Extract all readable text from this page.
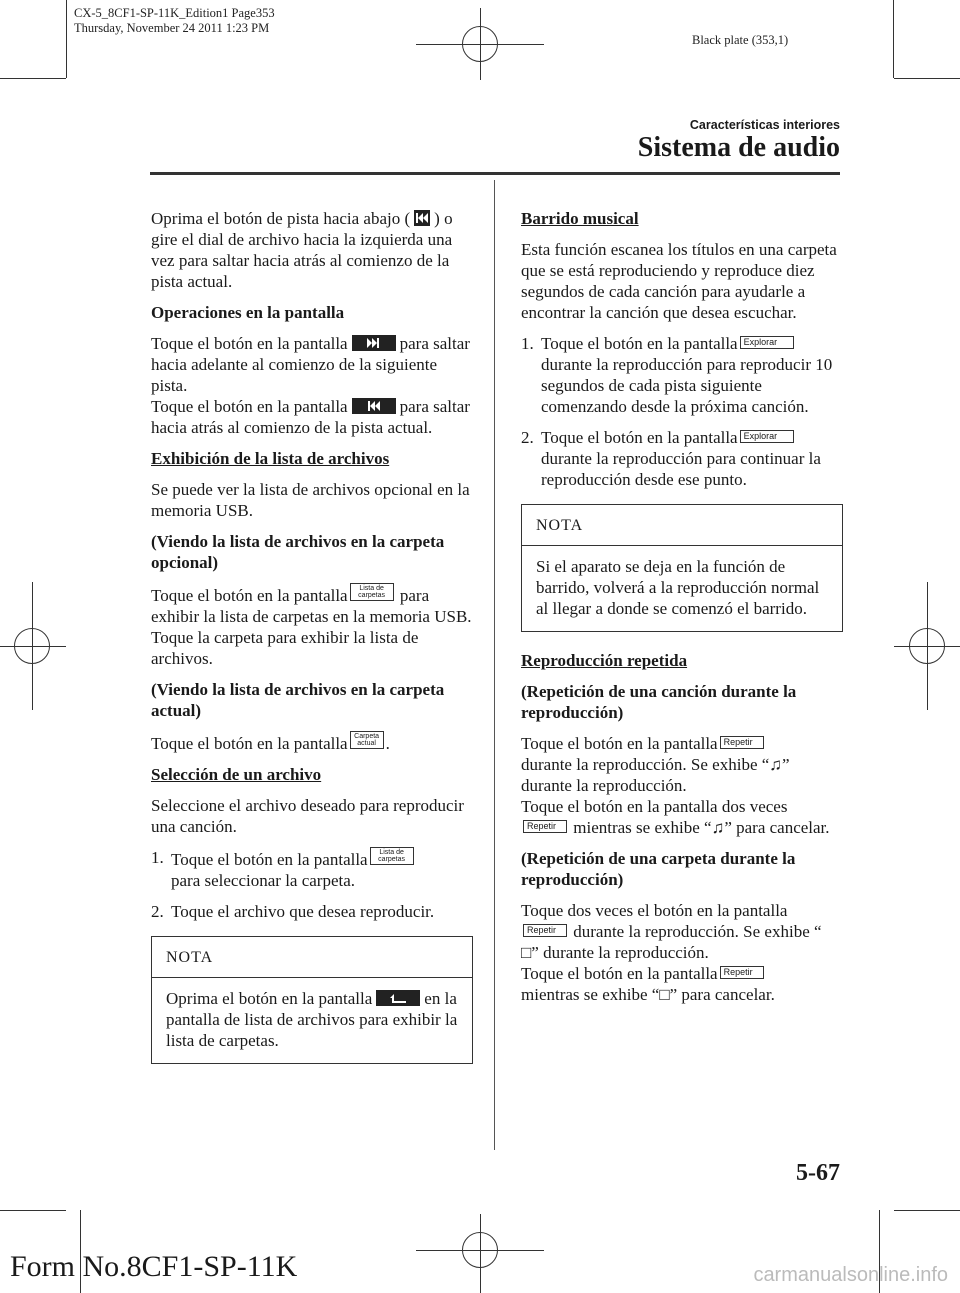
CX-5_8CF1-SP-11K_Edition1 Page353
Thursday, November 24 2011 1:23 PM
Black plate (353,1)
Características interiores
Sistema de audio
Oprima el botón de pista hacia abajo ( ) o gire el dial de archivo hacia la izquierda una vez para saltar hacia atrás al comienzo de la pista actual.
Operaciones en la pantalla
Toque el botón en la pantalla	para saltar hacia adelante al comienzo de la siguiente pista.
Toque el botón en la pantalla	para saltar hacia atrás al comienzo de la pista actual.
Exhibición de la lista de archivos
Se puede ver la lista de archivos opcional en la memoria USB.
(Viendo la lista de archivos en la carpeta opcional)
Toque el botón en la pantalla Lista de
carpetas para exhibir la lista de carpetas en la memoria USB. Toque la carpeta para exhibir la lista de archivos.
(Viendo la lista de archivos en la carpeta actual)
Toque el botón en la pantalla Carpeta
actual .
Selección de un archivo
Seleccione el archivo deseado para reproducir una canción.
1. Toque el botón en la pantalla Lista de
carpetas
para seleccionar la carpeta.
2. Toque el archivo que desea reproducir.
NOTA
Oprima el botón en la pantalla	en la pantalla de lista de archivos para exhibir la lista de carpetas.
Barrido musical
Esta función escanea los títulos en una carpeta que se está reproduciendo y reproduce diez segundos de cada canción para ayudarle a encontrar la canción que desea escuchar.
1. Toque el botón en la pantalla Explorar
durante la reproducción para reproducir 10 segundos de cada pista siguiente comenzando desde la próxima canción.
2. Toque el botón en la pantalla Explorar
durante la reproducción para continuar la reproducción desde ese punto.
NOTA
Si el aparato se deja en la función de barrido, volverá a la reproducción normal al llegar a donde se comenzó el barrido.
Reproducción repetida
(Repetición de una canción durante la reproducción)
Toque el botón en la pantalla Repetir
durante la reproducción. Se exhibe “♫” durante la reproducción.
Toque el botón en la pantalla dos veces
Repetir mientras se exhibe “♫” para cancelar.
(Repetición de una carpeta durante la reproducción)
Toque dos veces el botón en la pantalla
Repetir durante la reproducción. Se exhibe “
□” durante la reproducción.
Toque el botón en la pantalla Repetir
mientras se exhibe “□” para cancelar.
5-67
Form No.8CF1-SP-11K	carmanualsonline.info
